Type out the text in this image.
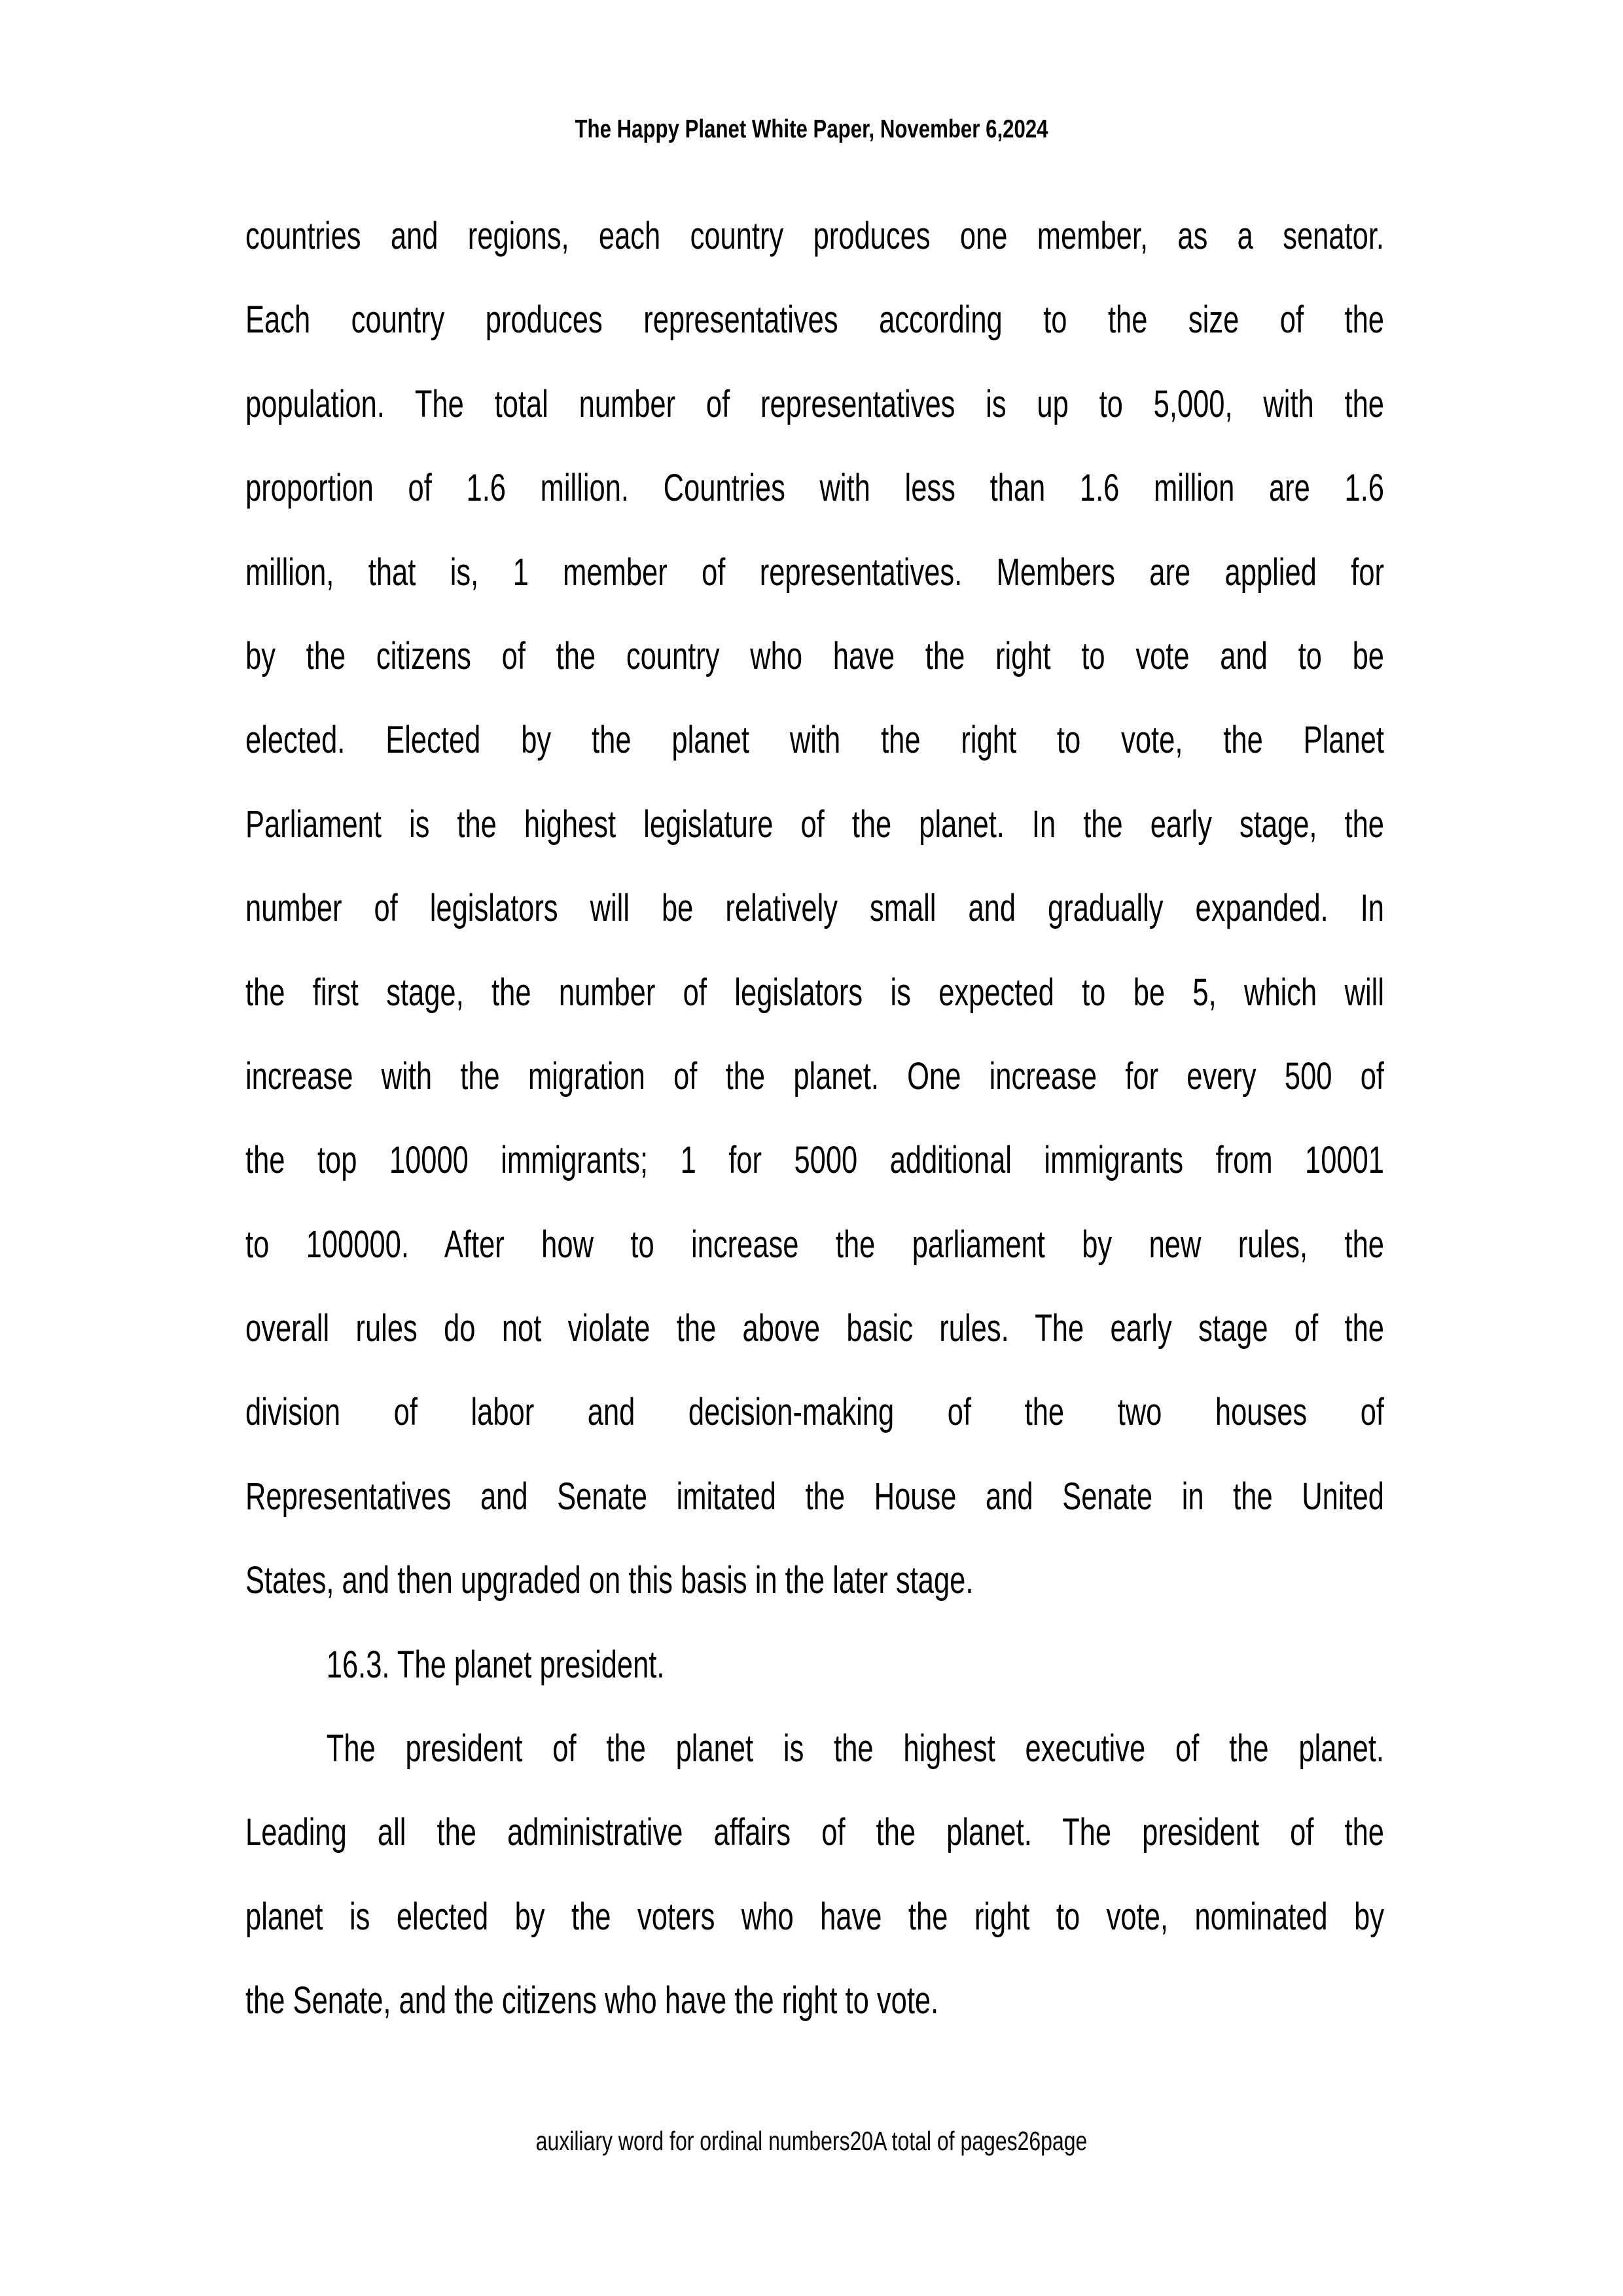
The Happy Planet White Paper, November 6,2024
countries and regions, each country produces one member, as a senator.
Each country produces representatives according to the size of the
population. The total number of representatives is up to 5,000, with the
proportion of 1.6 million. Countries with less than 1.6 million are 1.6
million, that is, 1 member of representatives. Members are applied for
by the citizens of the country who have the right to vote and to be
elected. Elected by the planet with the right to vote, the Planet
Parliament is the highest legislature of the planet. In the early stage, the
number of legislators will be relatively small and gradually expanded. In
the first stage, the number of legislators is expected to be 5, which will
increase with the migration of the planet. One increase for every 500 of
the top 10000 immigrants; 1 for 5000 additional immigrants from 10001
to 100000. After how to increase the parliament by new rules, the
overall rules do not violate the above basic rules. The early stage of the
division of labor and decision-making of the two houses of
Representatives and Senate imitated the House and Senate in the United
States, and then upgraded on this basis in the later stage.
16.3. The planet president.
The president of the planet is the highest executive of the planet.
Leading all the administrative affairs of the planet. The president of the
planet is elected by the voters who have the right to vote, nominated by
the Senate, and the citizens who have the right to vote.
auxiliary word for ordinal numbers20A total of pages26page
